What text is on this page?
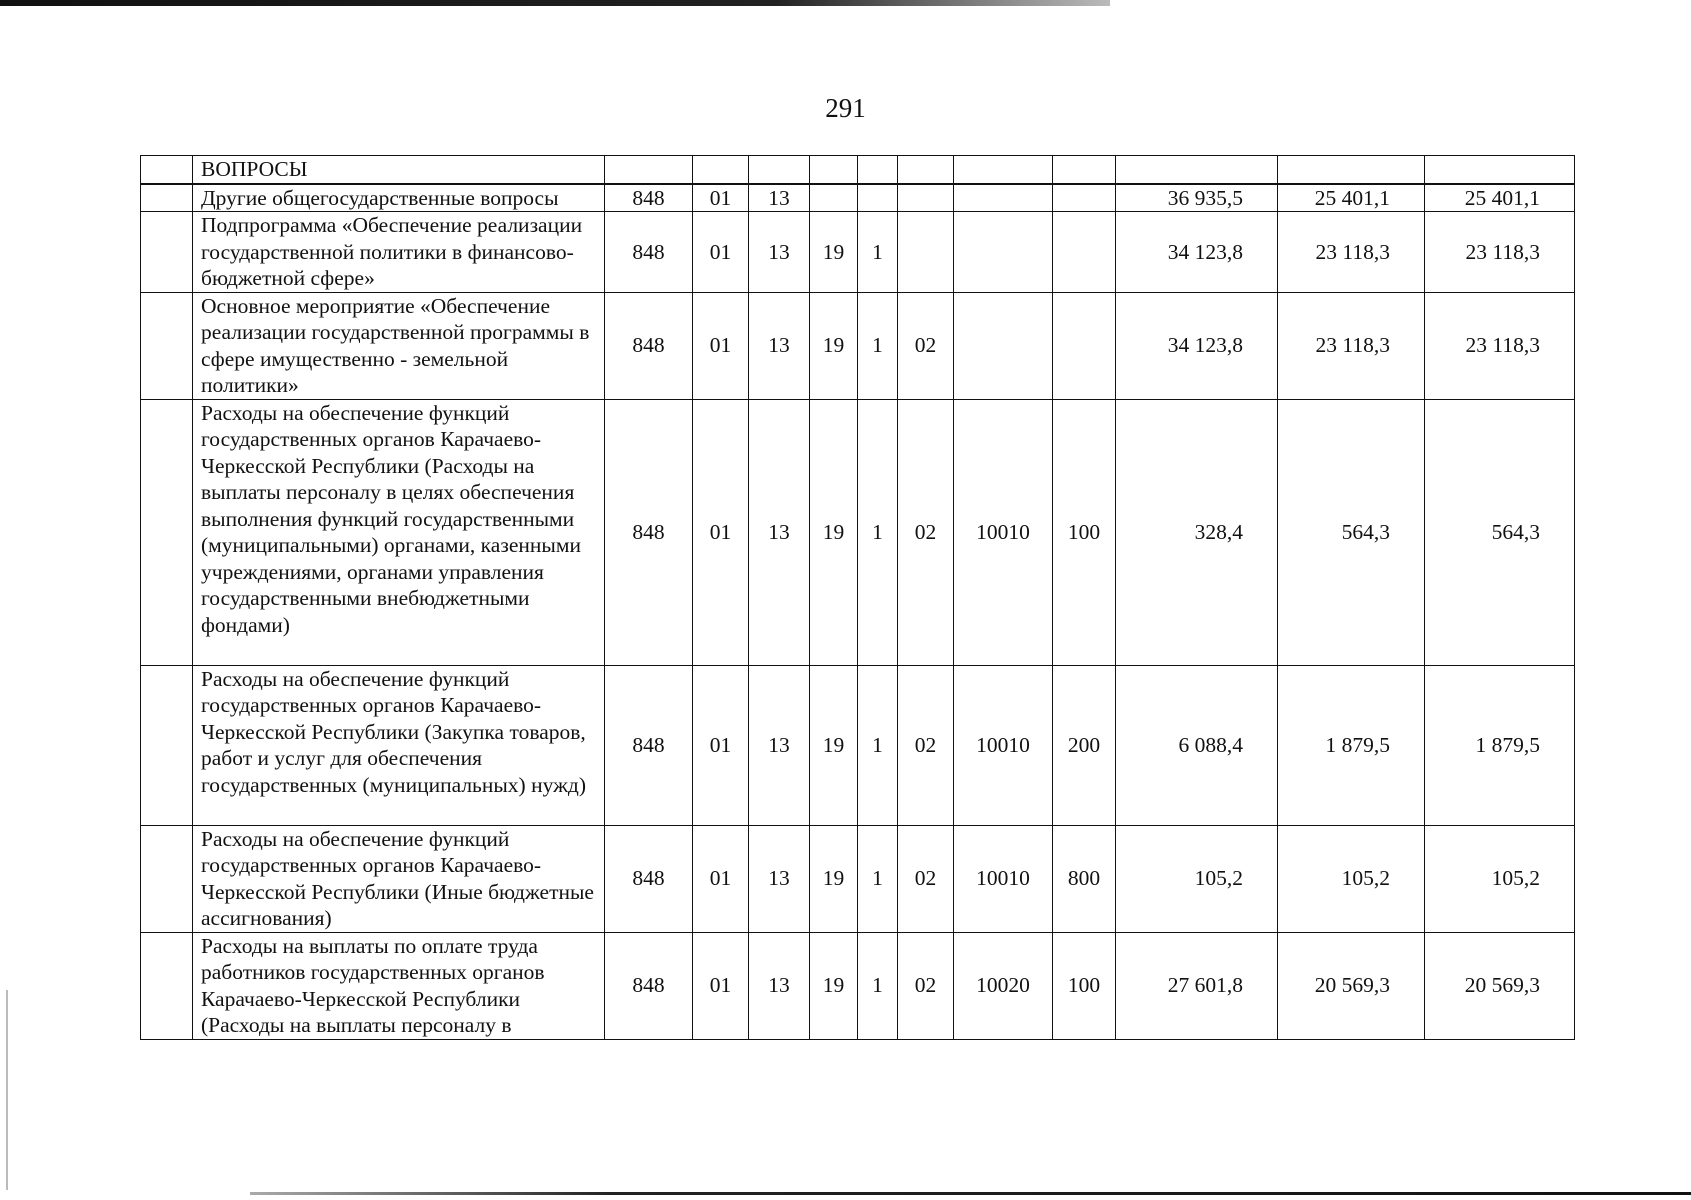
291
	ВОПРОСЫ											
	Другие общегосударственные вопросы	848	01	13						36 935,5	25 401,1	25 401,1
	Подпрограмма «Обеспечение реализации государственной политики в финансово-бюджетной сфере»	848	01	13	19	1				34 123,8	23 118,3	23 118,3
	Основное мероприятие «Обеспечение реализации государственной программы в сфере имущественно - земельной политики»	848	01	13	19	1	02			34 123,8	23 118,3	23 118,3
	Расходы на обеспечение функций государственных органов Карачаево-Черкесской Республики (Расходы на выплаты персоналу в целях обеспечения выполнения функций государственными (муниципальными) органами, казенными учреждениями, органами управления государственными внебюджетными фондами)	848	01	13	19	1	02	10010	100	328,4	564,3	564,3
	Расходы на обеспечение функций государственных органов Карачаево-Черкесской Республики (Закупка товаров, работ и услуг для обеспечения государственных (муниципальных) нужд)	848	01	13	19	1	02	10010	200	6 088,4	1 879,5	1 879,5
	Расходы на обеспечение функций государственных органов Карачаево-Черкесской Республики (Иные бюджетные ассигнования)	848	01	13	19	1	02	10010	800	105,2	105,2	105,2
	Расходы на выплаты по оплате труда работников государственных органов Карачаево-Черкесской Республики (Расходы на выплаты персоналу в	848	01	13	19	1	02	10020	100	27 601,8	20 569,3	20 569,3
